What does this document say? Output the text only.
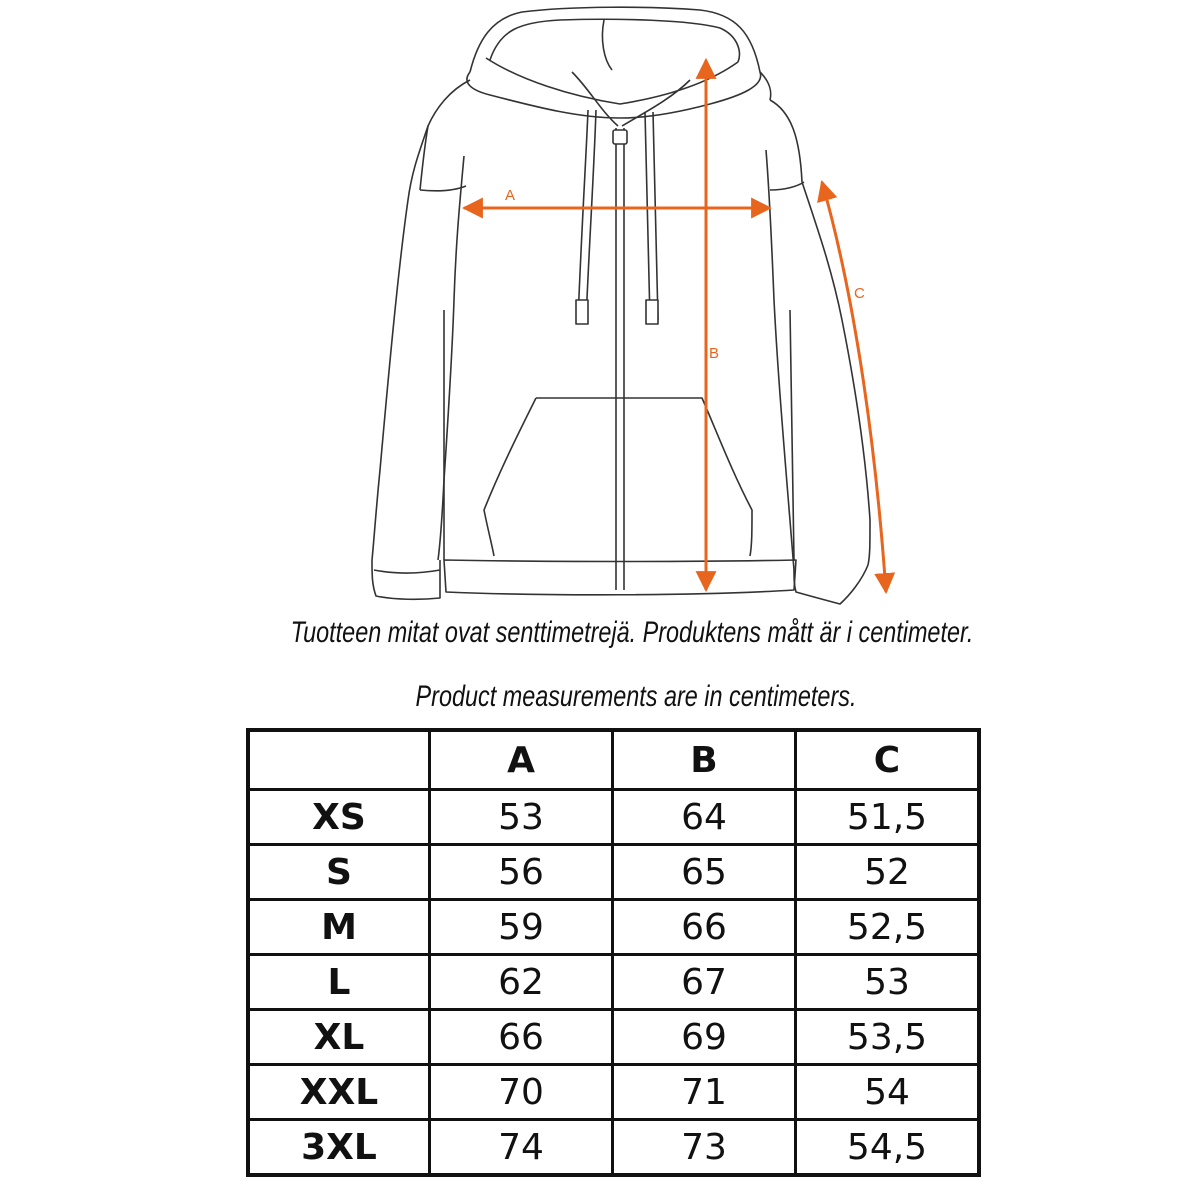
A
B
C
Tuotteen mitat ovat senttimetrejä. Produktens mått är i centimeter.
Product measurements are in centimeters.
	A	B	C
XS	53	64	51,5
S	56	65	52
M	59	66	52,5
L	62	67	53
XL	66	69	53,5
XXL	70	71	54
3XL	74	73	54,5
